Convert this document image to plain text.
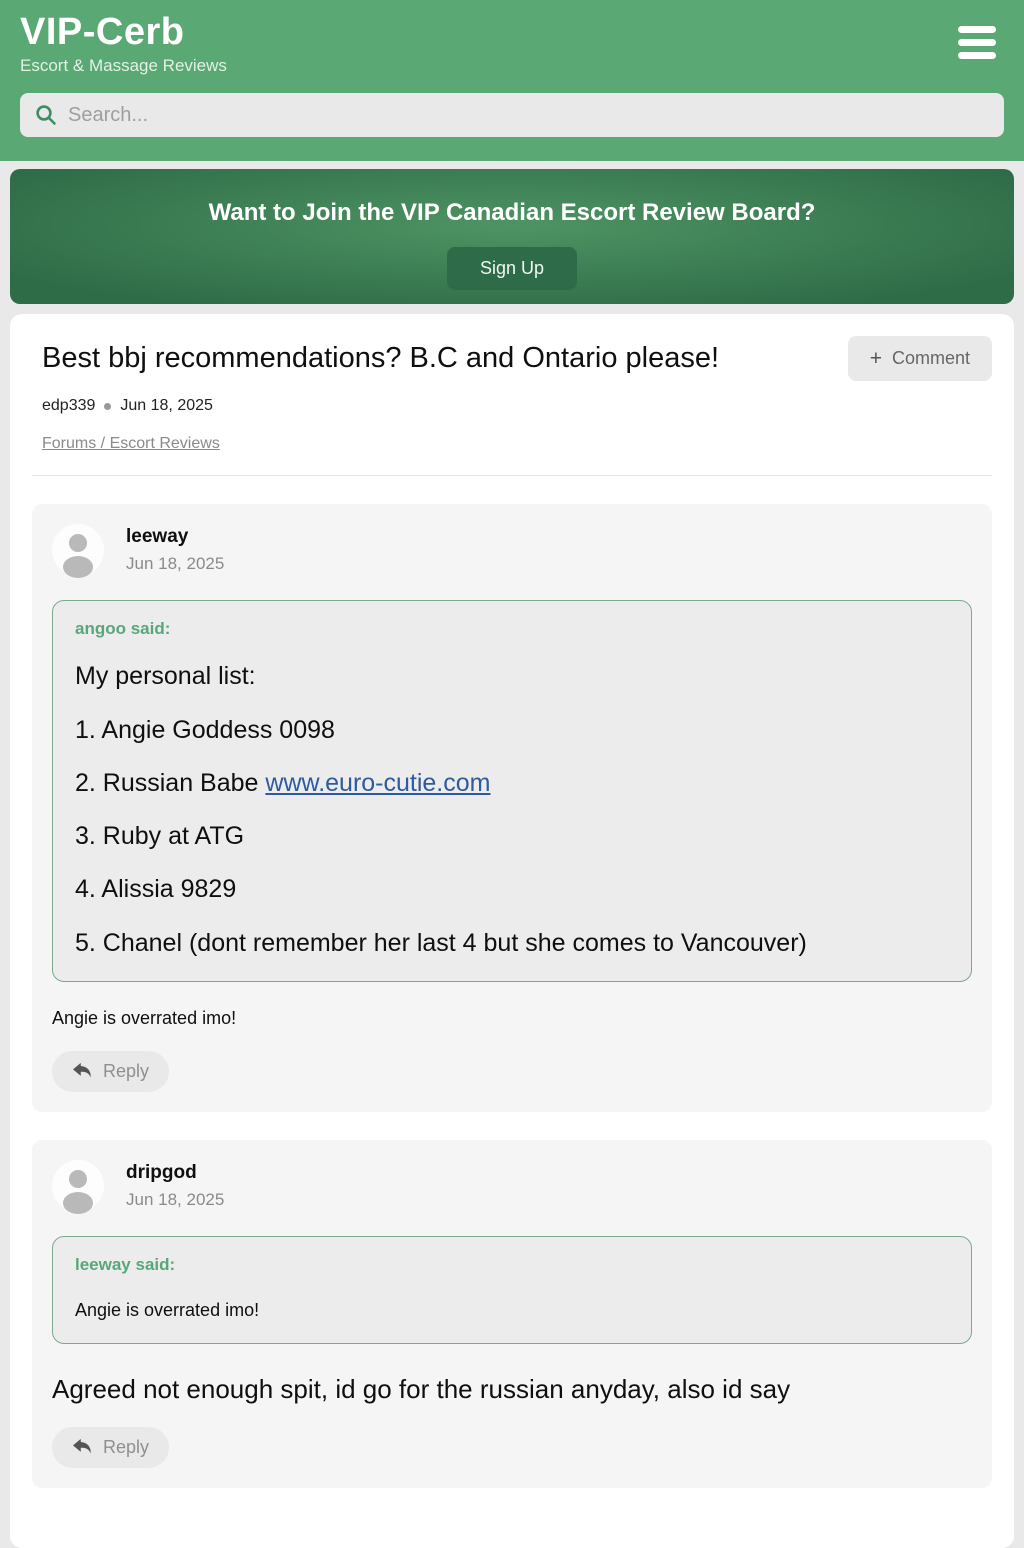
VIP-Cerb
Escort & Massage Reviews
Search...
Want to Join the VIP Canadian Escort Review Board?
Sign Up
Best bbj recommendations? B.C and Ontario please!	+ Comment
edp339 Jun 18, 2025
Forums / Escort Reviews
leeway
Jun 18, 2025
angoo said:
My personal list:
1. Angie Goddess 0098
2. Russian Babe www.euro-cutie.com
3. Ruby at ATG
4. Alissia 9829
5. Chanel (dont remember her last 4 but she comes to Vancouver)
Angie is overrated imo!
Reply
dripgod
Jun 18, 2025
leeway said:
Angie is overrated imo!
Agreed not enough spit, id go for the russian anyday, also id say
Reply
